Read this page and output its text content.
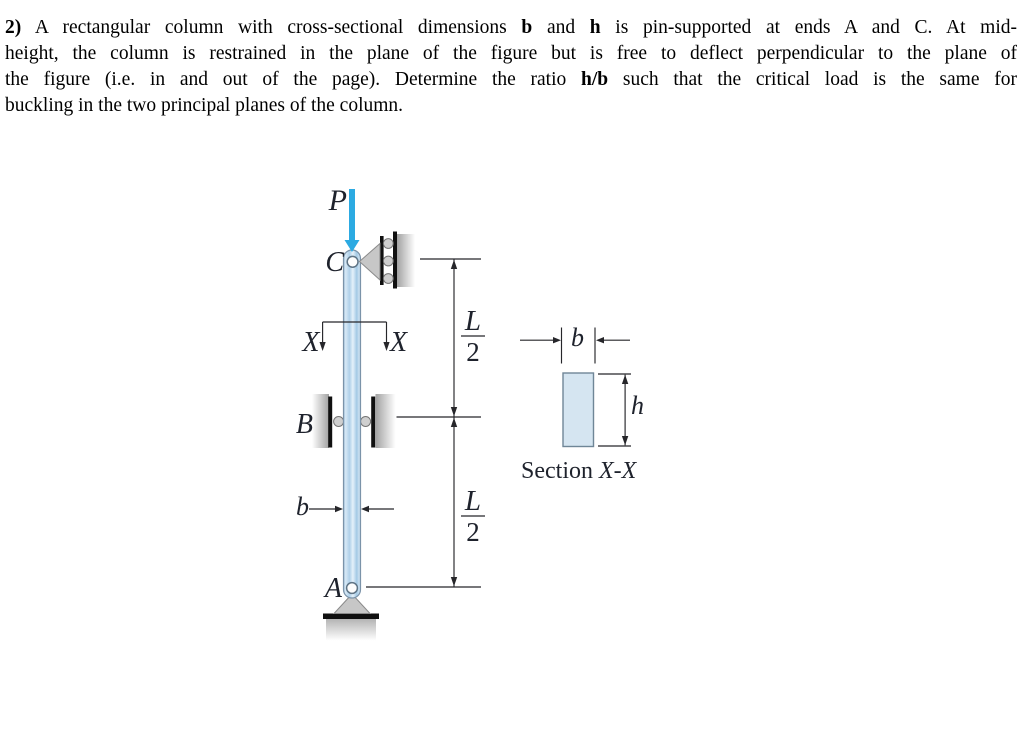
2) A rectangular column with cross-sectional dimensions b and h is pin-supported at ends A and C. At mid-
height, the column is restrained in the plane of the figure but is free to deflect perpendicular to the plane of
the figure (i.e. in and out of the page). Determine the ratio h/b such that the critical load is the same for
buckling in the two principal planes of the column.
P
C
X	X
B
b
A
L
2
L
2
b
h
Section X-X
